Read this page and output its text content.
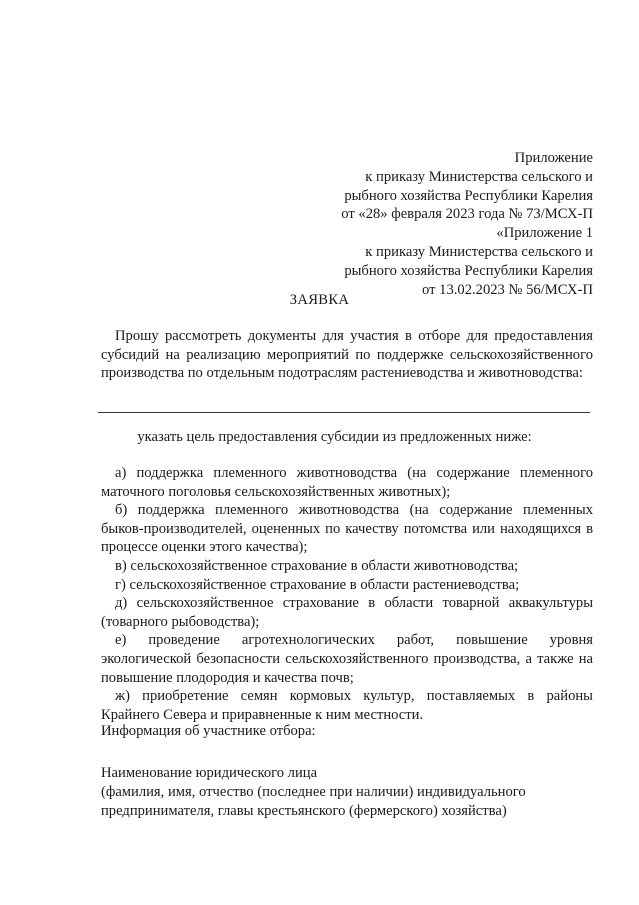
Приложение
к приказу Министерства сельского и
рыбного хозяйства Республики Карелия
от «28» февраля 2023 года № 73/МСХ-П
«Приложение 1
к приказу Министерства сельского и
рыбного хозяйства Республики Карелия
от 13.02.2023 № 56/МСХ-П
ЗАЯВКА
Прошу рассмотреть документы для участия в отборе для предоставления субсидий на реализацию мероприятий по поддержке сельскохозяйственного производства по отдельным подотраслям растениеводства и животноводства:
указать цель предоставления субсидии из предложенных ниже:

а) поддержка племенного животноводства (на содержание племенного маточного поголовья сельскохозяйственных животных);

б) поддержка племенного животноводства (на содержание племенных быков-производителей, оцененных по качеству потомства или находящихся в процессе оценки этого качества);

в) сельскохозяйственное страхование в области животноводства;

г) сельскохозяйственное страхование в области растениеводства;

д) сельскохозяйственное страхование в области товарной аквакультуры (товарного рыбоводства);

е) проведение агротехнологических работ, повышение уровня экологической безопасности сельскохозяйственного производства, а также на повышение плодородия и качества почв;

ж) приобретение семян кормовых культур, поставляемых в районы Крайнего Севера и приравненные к ним местности.

Информация об участнике отбора:
Наименование юридического лица
(фамилия, имя, отчество (последнее при наличии) индивидуального
предпринимателя, главы крестьянского (фермерского) хозяйства)
